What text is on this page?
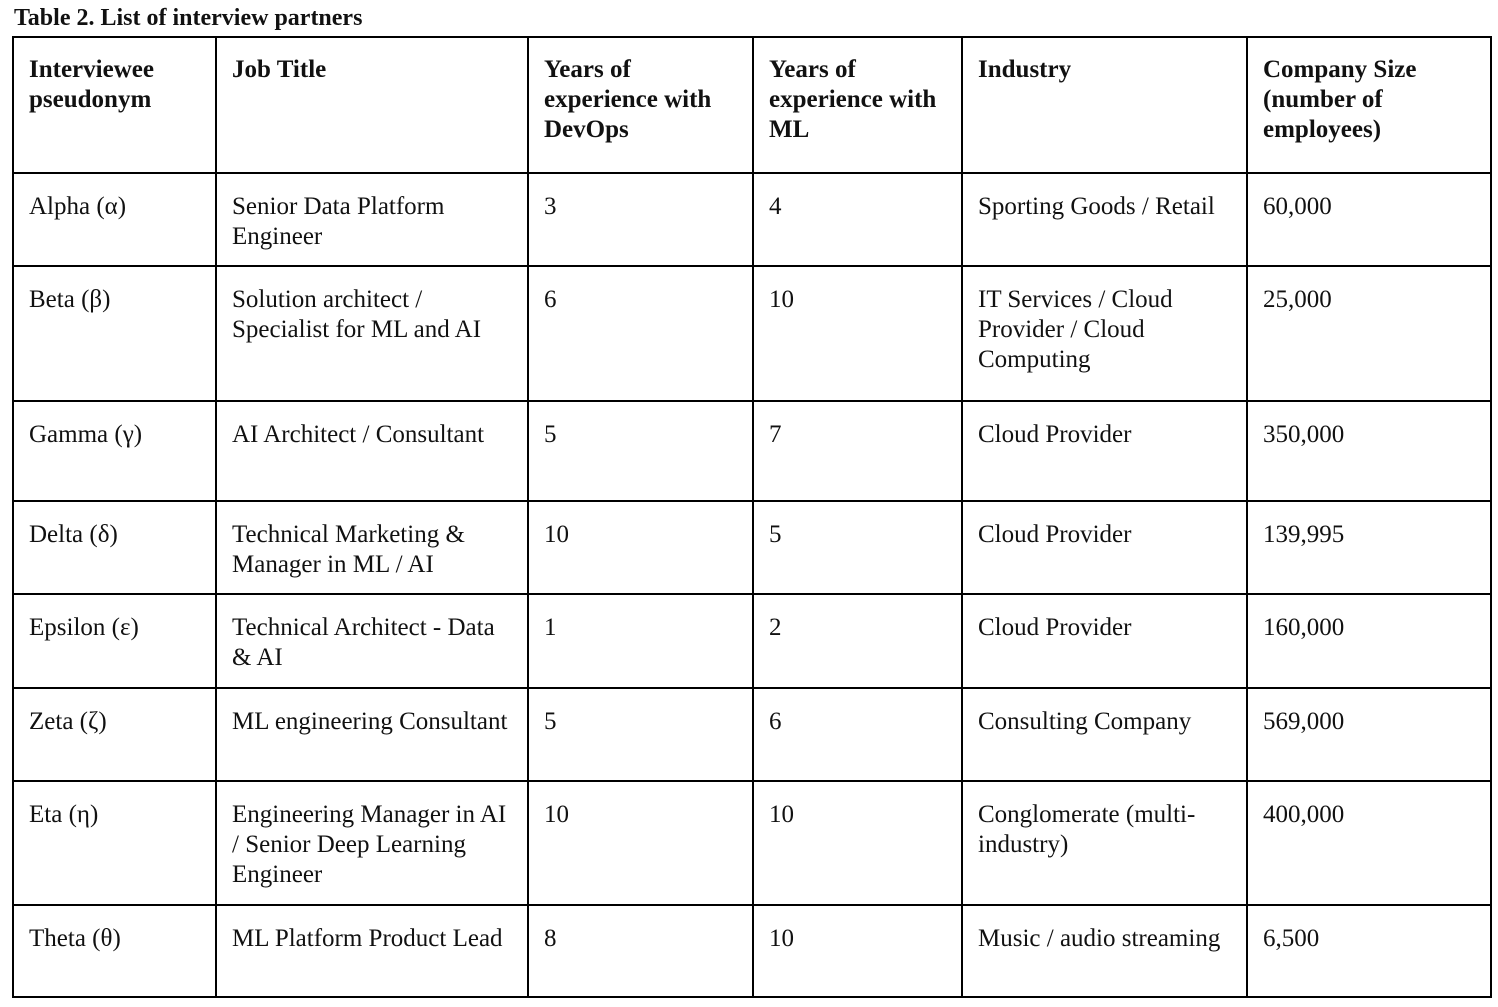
Table 2. List of interview partners
Interviewee pseudonym	Job Title	Years of experience with DevOps	Years of experience with ML	Industry	Company Size (number of employees)
Alpha (α)	Senior Data Platform Engineer	3	4	Sporting Goods / Retail	60,000
Beta (β)	Solution architect / Specialist for ML and AI	6	10	IT Services / Cloud Provider / Cloud Computing	25,000
Gamma (γ)	AI Architect / Consultant	5	7	Cloud Provider	350,000
Delta (δ)	Technical Marketing & Manager in ML / AI	10	5	Cloud Provider	139,995
Epsilon (ε)	Technical Architect - Data & AI	1	2	Cloud Provider	160,000
Zeta (ζ)	ML engineering Consultant	5	6	Consulting Company	569,000
Eta (η)	Engineering Manager in AI / Senior Deep Learning Engineer	10	10	Conglomerate (multi-industry)	400,000
Theta (θ)	ML Platform Product Lead	8	10	Music / audio streaming	6,500
